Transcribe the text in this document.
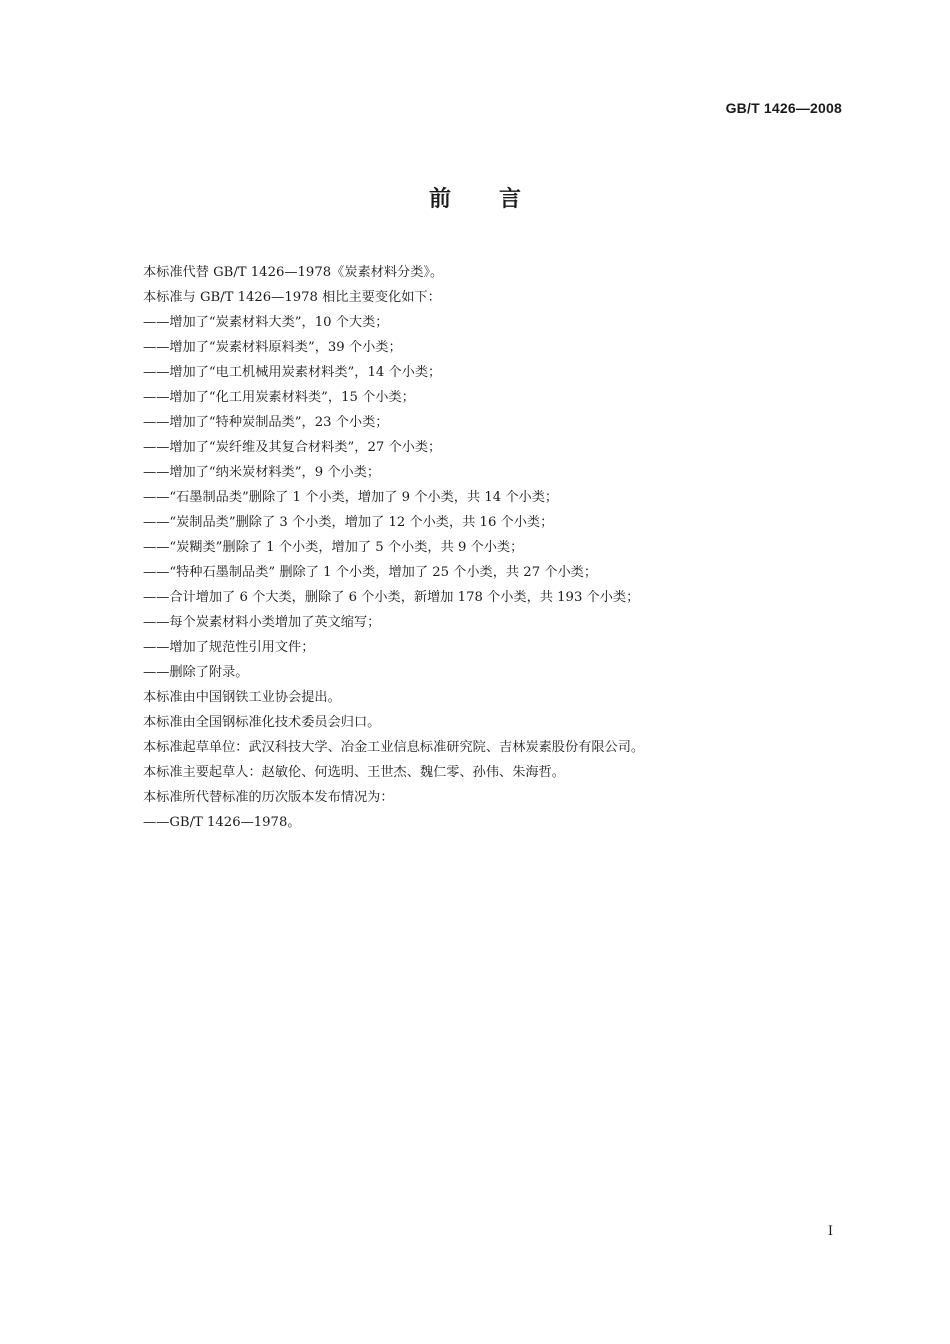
GB/T 1426—2008
前言
本标准代替 GB/T 1426—1978《炭素材料分类》。
本标准与 GB/T 1426—1978 相比主要变化如下：
——增加了“炭素材料大类”，10 个大类；
——增加了“炭素材料原料类”，39 个小类；
——增加了“电工机械用炭素材料类”，14 个小类；
——增加了“化工用炭素材料类”，15 个小类；
——增加了“特种炭制品类”，23 个小类；
——增加了“炭纤维及其复合材料类”，27 个小类；
——增加了“纳米炭材料类”，9 个小类；
——“石墨制品类”删除了 1 个小类，增加了 9 个小类，共 14 个小类；
——“炭制品类”删除了 3 个小类，增加了 12 个小类，共 16 个小类；
——“炭糊类”删除了 1 个小类，增加了 5 个小类，共 9 个小类；
——“特种石墨制品类” 删除了 1 个小类，增加了 25 个小类，共 27 个小类；
——合计增加了 6 个大类，删除了 6 个小类，新增加 178 个小类，共 193 个小类；
——每个炭素材料小类增加了英文缩写；
——增加了规范性引用文件；
——删除了附录。
本标准由中国钢铁工业协会提出。
本标准由全国钢标准化技术委员会归口。
本标准起草单位：武汉科技大学、冶金工业信息标准研究院、吉林炭素股份有限公司。
本标准主要起草人：赵敏伦、何选明、王世杰、魏仁零、孙伟、朱海哲。
本标准所代替标准的历次版本发布情况为：
——GB/T 1426—1978。
I
